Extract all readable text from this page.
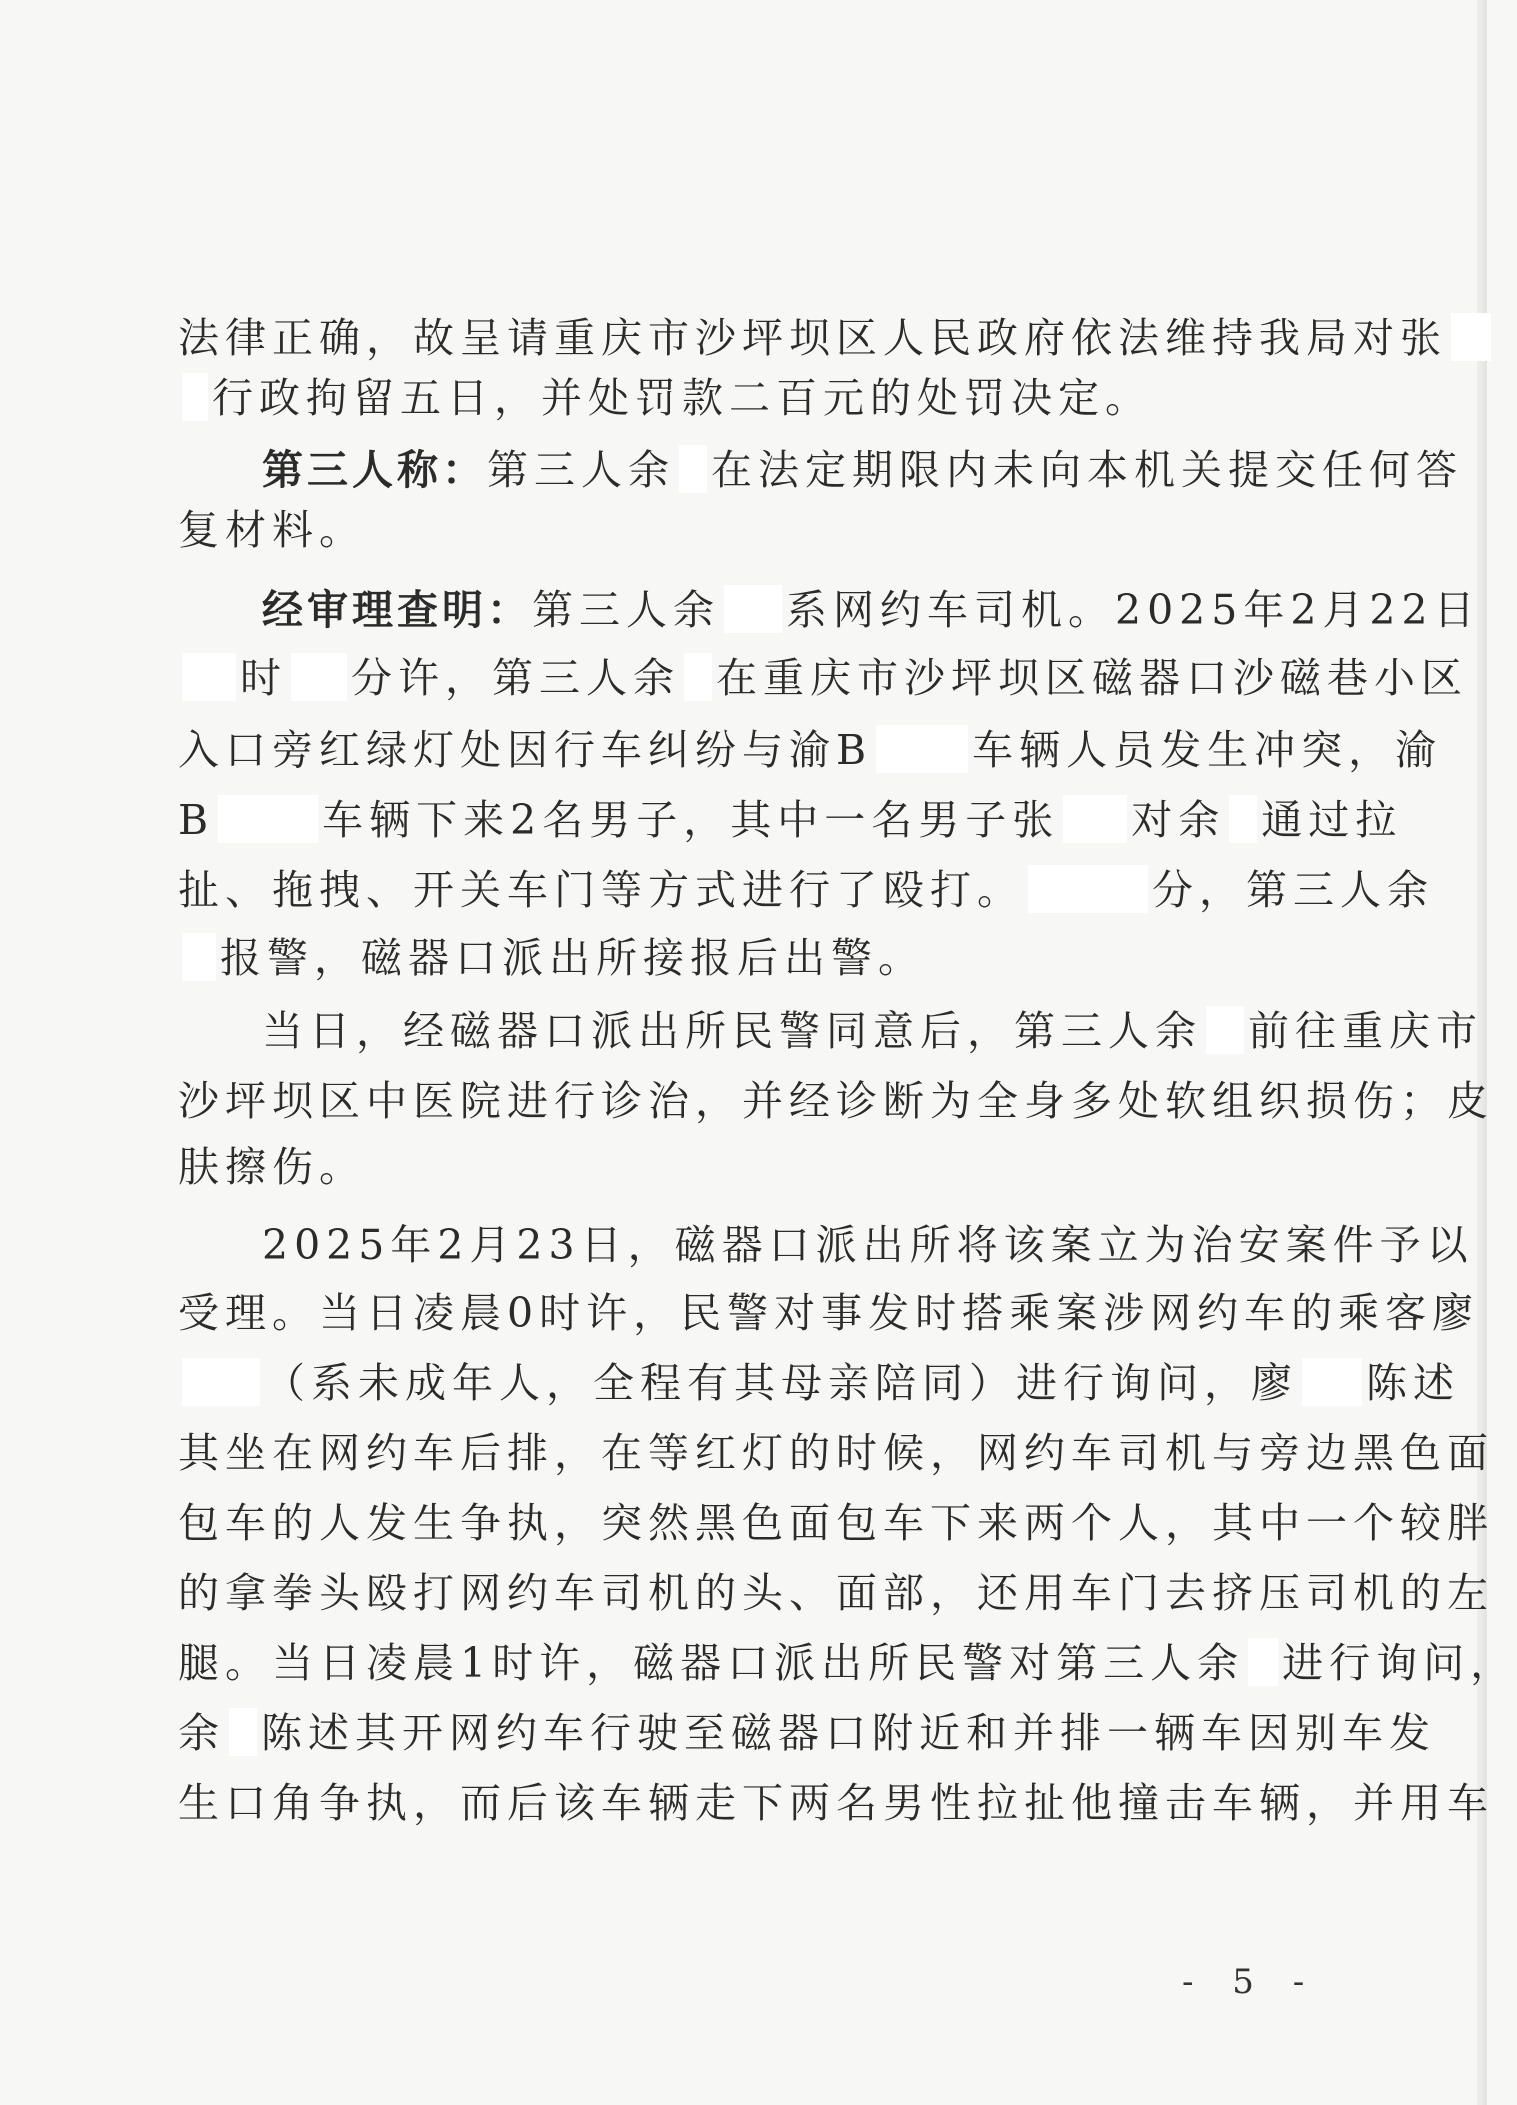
法律正确，故呈请重庆市沙坪坝区人民政府依法维持我局对张
行政拘留五日，并处罚款二百元的处罚决定。
第三人称：第三人余 在法定期限内未向本机关提交任何答
复材料。
经审理查明：第三人余 系网约车司机。2025年2月22日
时 分许，第三人余 在重庆市沙坪坝区磁器口沙磁巷小区
入口旁红绿灯处因行车纠纷与渝B 车辆人员发生冲突，渝
B	车辆下来2名男子，其中一名男子张 对余 通过拉
扯、拖拽、开关车门等方式进行了殴打。	分，第三人余
报警，磁器口派出所接报后出警。
当日，经磁器口派出所民警同意后，第三人余 前往重庆市
沙坪坝区中医院进行诊治，并经诊断为全身多处软组织损伤；皮
肤擦伤。
2025年2月23日，磁器口派出所将该案立为治安案件予以
受理。当日凌晨0时许，民警对事发时搭乘案涉网约车的乘客廖
（系未成年人，全程有其母亲陪同）进行询问，廖 陈述
其坐在网约车后排，在等红灯的时候，网约车司机与旁边黑色面
包车的人发生争执，突然黑色面包车下来两个人，其中一个较胖
的拿拳头殴打网约车司机的头、面部，还用车门去挤压司机的左
腿。当日凌晨1时许，磁器口派出所民警对第三人余 进行询问，
余 陈述其开网约车行驶至磁器口附近和并排一辆车因别车发
生口角争执，而后该车辆走下两名男性拉扯他撞击车辆，并用车
- 5 -
